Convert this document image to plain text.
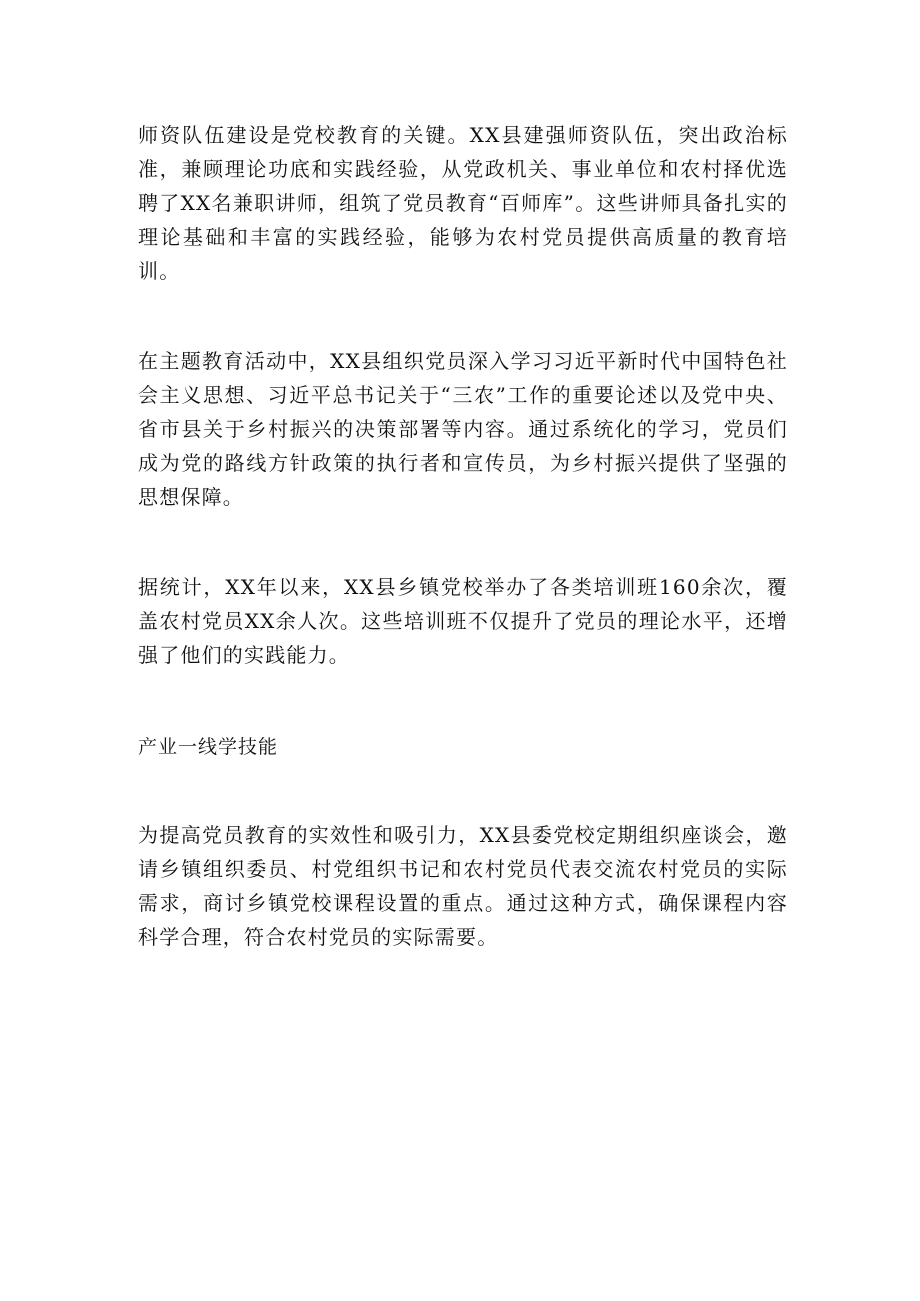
师资队伍建设是党校教育的关键。XX县建强师资队伍，突出政治标准，兼顾理论功底和实践经验，从党政机关、事业单位和农村择优选聘了XX名兼职讲师，组筑了党员教育“百师库”。这些讲师具备扎实的理论基础和丰富的实践经验，能够为农村党员提供高质量的教育培训。

在主题教育活动中，XX县组织党员深入学习习近平新时代中国特色社会主义思想、习近平总书记关于“三农”工作的重要论述以及党中央、省市县关于乡村振兴的决策部署等内容。通过系统化的学习，党员们成为党的路线方针政策的执行者和宣传员，为乡村振兴提供了坚强的思想保障。

据统计，XX年以来，XX县乡镇党校举办了各类培训班160余次，覆盖农村党员XX余人次。这些培训班不仅提升了党员的理论水平，还增强了他们的实践能力。

产业一线学技能

为提高党员教育的实效性和吸引力，XX县委党校定期组织座谈会，邀请乡镇组织委员、村党组织书记和农村党员代表交流农村党员的实际需求，商讨乡镇党校课程设置的重点。通过这种方式，确保课程内容科学合理，符合农村党员的实际需要。
